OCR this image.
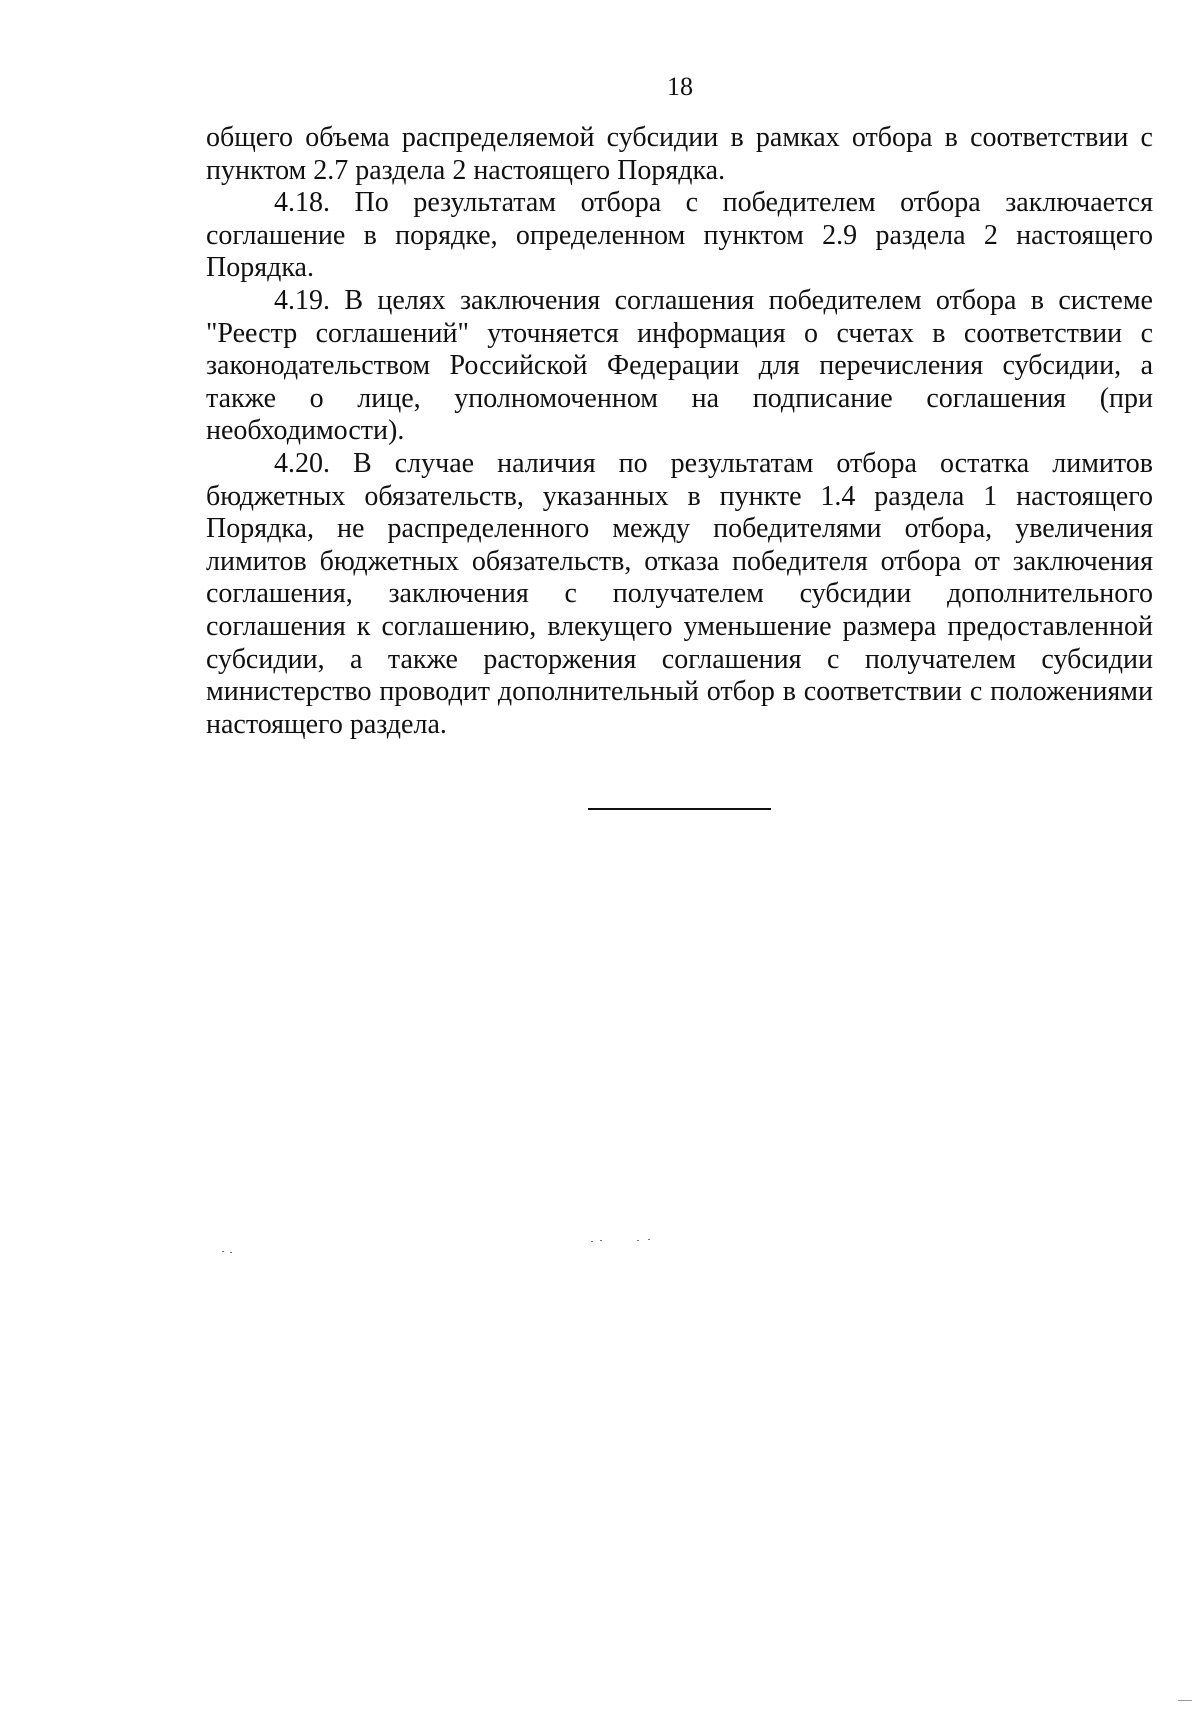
18

общего объема распределяемой субсидии в рамках отбора в соответствии с пунктом 2.7 раздела 2 настоящего Порядка.

4.18. По результатам отбора с победителем отбора заключается соглашение в порядке, определенном пунктом 2.9 раздела 2 настоящего Порядка.

4.19. В целях заключения соглашения победителем отбора в системе "Реестр соглашений" уточняется информация о счетах в соответствии с законодательством Российской Федерации для перечисления субсидии, а также о лице, уполномоченном на подписание соглашения (при необходимости).

4.20. В случае наличия по результатам отбора остатка лимитов бюджетных обязательств, указанных в пункте 1.4 раздела 1 настоящего Порядка, не распределенного между победителями отбора, увеличения лимитов бюджетных обязательств, отказа победителя отбора от заключения соглашения, заключения с получателем субсидии дополнительного соглашения к соглашению, влекущего уменьшение размера предоставленной субсидии, а также расторжения соглашения с получателем субсидии министерство проводит дополнительный отбор в соответствии с положениями настоящего раздела.
